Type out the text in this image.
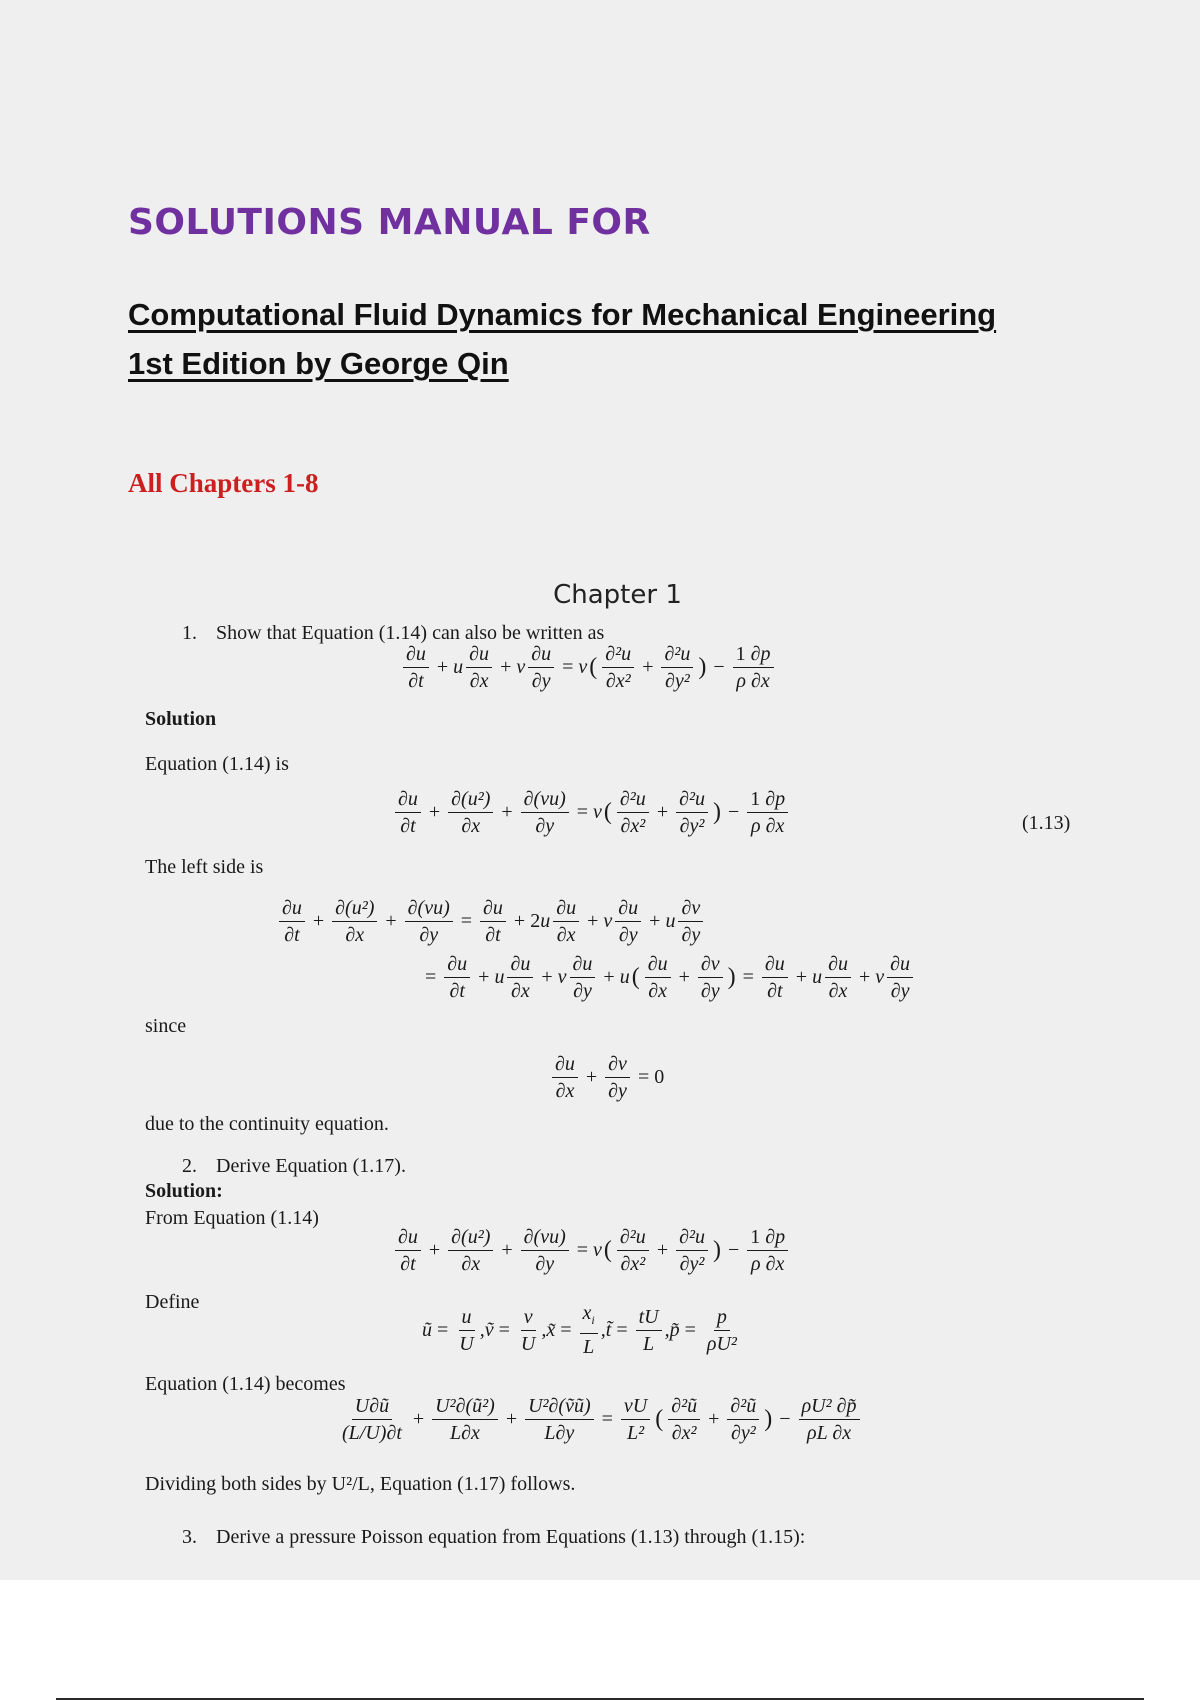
SOLUTIONS MANUAL FOR
Computational Fluid Dynamics for Mechanical Engineering 1st Edition by George Qin
All Chapters 1-8
Chapter 1
1. Show that Equation (1.14) can also be written as
$\frac{\partial u}{\partial t} + u \frac{\partial u}{\partial x} + v \frac{\partial u}{\partial y} = \nu$ ( $\frac{\text{∂²u}}{\text{∂x²}} + \frac{\text{∂²u}}{\text{∂y²}}$ ) − $\frac{1 \partial p}{\rho \partial x}$
Solution
Equation (1.14) is
$\frac{\partial u}{\partial t} + \frac{\text{∂(u²)}}{\partial x} + \frac{\partial(vu)}{\partial y} = \nu$ ( $\frac{\text{∂²u}}{\text{∂x²}} + \frac{\text{∂²u}}{\text{∂y²}}$ ) − $\frac{1 \partial p}{\rho \partial x}$	(1.13)
The left side is
$\frac{\partial u}{\partial t} + \frac{\text{∂(u²)}}{\partial x} + \frac{\partial(vu)}{\partial y} = \frac{\partial u}{\partial t} + 2$ u $\frac{\partial u}{\partial x} + v \frac{\partial u}{\partial y} + u \frac{\partial v}{\partial y}$
= $\frac{\partial u}{\partial t} + u \frac{\partial u}{\partial x} + v \frac{\partial u}{\partial y} + u$ ( $\frac{\partial u}{\partial x} + \frac{\partial v}{\partial y}$ ) = $\frac{\partial u}{\partial t} + u \frac{\partial u}{\partial x} + v \frac{\partial u}{\partial y}$
since
$\frac{\partial u}{\partial x} + \frac{\partial v}{\partial y} = 0$
due to the continuity equation.
2. Derive Equation (1.17).
Solution:
From Equation (1.14)
$\frac{\partial u}{\partial t} + \frac{\text{∂(u²)}}{\partial x} + \frac{\partial(vu)}{\partial y} = \nu$ ( $\frac{\text{∂²u}}{\text{∂x²}} + \frac{\text{∂²u}}{\text{∂y²}}$ ) − $\frac{1 \partial p}{\rho \partial x}$
Define
ũ = $\frac{u}{U}$ ,ṽ = $\frac{v}{U}$ ,x̃ = $\frac{x_i}{L}$ ,t̃ = $\frac{tU}{L}$ ,p̃ = $\frac{p}{\text{ρU²}}$
Equation (1.14) becomes
$\frac{U\partial ũ}{(L/U)\partial t} + \frac{\text{U²∂(ũ²)}}{L\partial x} + \frac{\text{U²∂(ṽũ)}}{L\partial y} = \frac{\nu U}{\text{L²}}$ ( $\frac{\text{∂²ũ}}{\text{∂x²}} + \frac{\text{∂²ũ}}{\text{∂y²}}$ ) − $\frac{\text{ρU² ∂p̃}}{\rho L \partial x}$
Dividing both sides by U²/L, Equation (1.17) follows.
3. Derive a pressure Poisson equation from Equations (1.13) through (1.15):
